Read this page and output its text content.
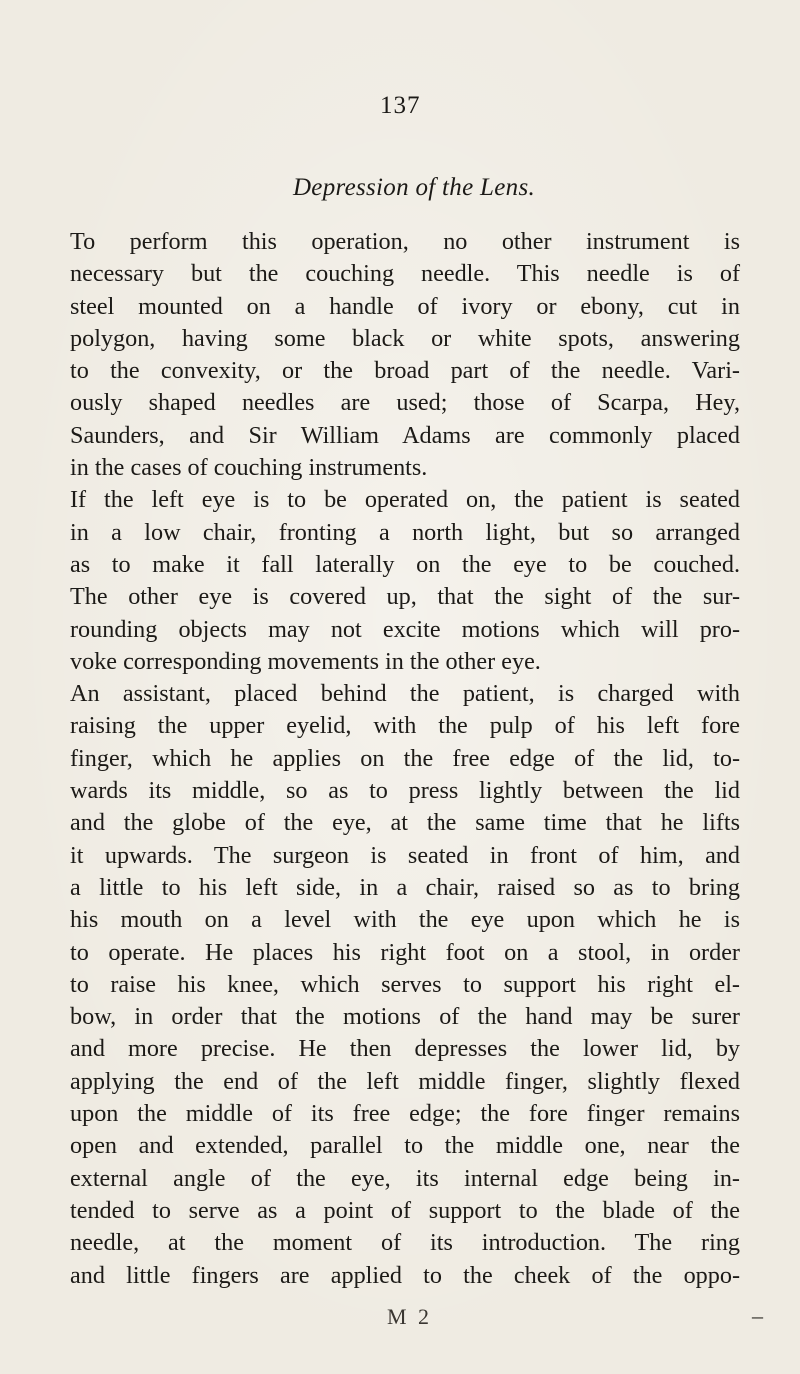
137
Depression of the Lens.
To perform this operation, no other instrument is
necessary but the couching needle. This needle is of
steel mounted on a handle of ivory or ebony, cut in
polygon, having some black or white spots, answering
to the convexity, or the broad part of the needle. Vari-
ously shaped needles are used; those of Scarpa, Hey,
Saunders, and Sir William Adams are commonly placed
in the cases of couching instruments.
If the left eye is to be operated on, the patient is seated
in a low chair, fronting a north light, but so arranged
as to make it fall laterally on the eye to be couched.
The other eye is covered up, that the sight of the sur-
rounding objects may not excite motions which will pro-
voke corresponding movements in the other eye.
An assistant, placed behind the patient, is charged with
raising the upper eyelid, with the pulp of his left fore
finger, which he applies on the free edge of the lid, to-
wards its middle, so as to press lightly between the lid
and the globe of the eye, at the same time that he lifts
it upwards. The surgeon is seated in front of him, and
a little to his left side, in a chair, raised so as to bring
his mouth on a level with the eye upon which he is
to operate. He places his right foot on a stool, in order
to raise his knee, which serves to support his right el-
bow, in order that the motions of the hand may be surer
and more precise. He then depresses the lower lid, by
applying the end of the left middle finger, slightly flexed
upon the middle of its free edge; the fore finger remains
open and extended, parallel to the middle one, near the
external angle of the eye, its internal edge being in-
tended to serve as a point of support to the blade of the
needle, at the moment of its introduction. The ring
and little fingers are applied to the cheek of the oppo-
M 2	–
